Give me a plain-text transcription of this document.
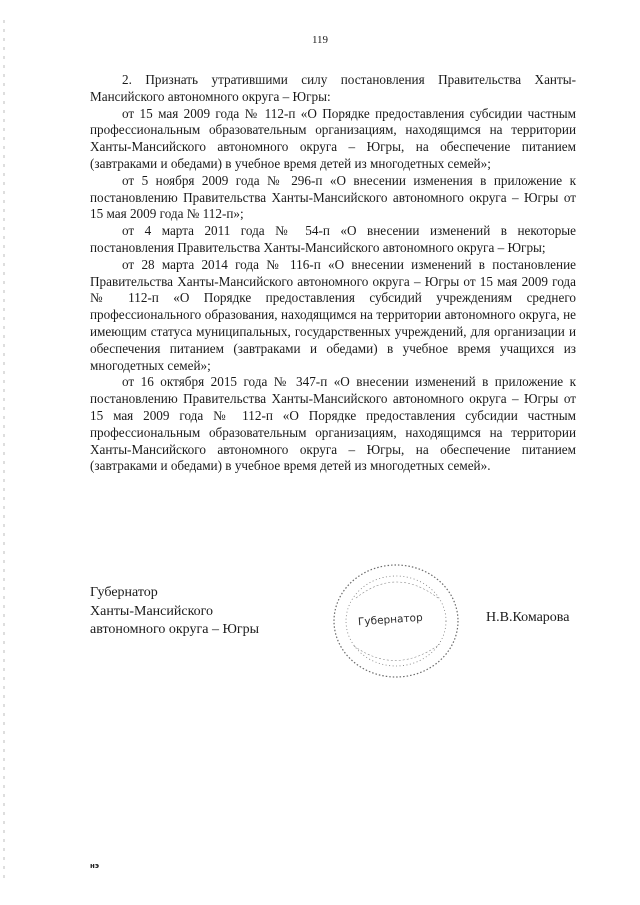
119

2. Признать утратившими силу постановления Правительства Ханты-Мансийского автономного округа – Югры:

от 15 мая 2009 года № 112-п «О Порядке предоставления субсидии частным профессиональным образовательным организациям, находящимся на территории Ханты-Мансийского автономного округа – Югры, на обеспечение питанием (завтраками и обедами) в учебное время детей из многодетных семей»;

от 5 ноября 2009 года № 296-п «О внесении изменения в приложение к постановлению Правительства Ханты-Мансийского автономного округа – Югры от 15 мая 2009 года № 112-п»;

от 4 марта 2011 года № 54-п «О внесении изменений в некоторые постановления Правительства Ханты-Мансийского автономного округа – Югры;

от 28 марта 2014 года № 116-п «О внесении изменений в постановление Правительства Ханты-Мансийского автономного округа – Югры от 15 мая 2009 года № 112-п «О Порядке предоставления субсидий учреждениям среднего профессионального образования, находящимся на территории автономного округа, не имеющим статуса муниципальных, государственных учреждений, для организации и обеспечения питанием (завтраками и обедами) в учебное время учащихся из многодетных семей»;

от 16 октября 2015 года № 347-п «О внесении изменений в приложение к постановлению Правительства Ханты-Мансийского автономного округа – Югры от 15 мая 2009 года № 112-п «О Порядке предоставления субсидии частным профессиональным образовательным организациям, находящимся на территории Ханты-Мансийского автономного округа – Югры, на обеспечение питанием (завтраками и обедами) в учебное время детей из многодетных семей».

Губернатор
Ханты-Мансийского
автономного округа – Югры
Губернатор	Н.В.Комарова
нэ
